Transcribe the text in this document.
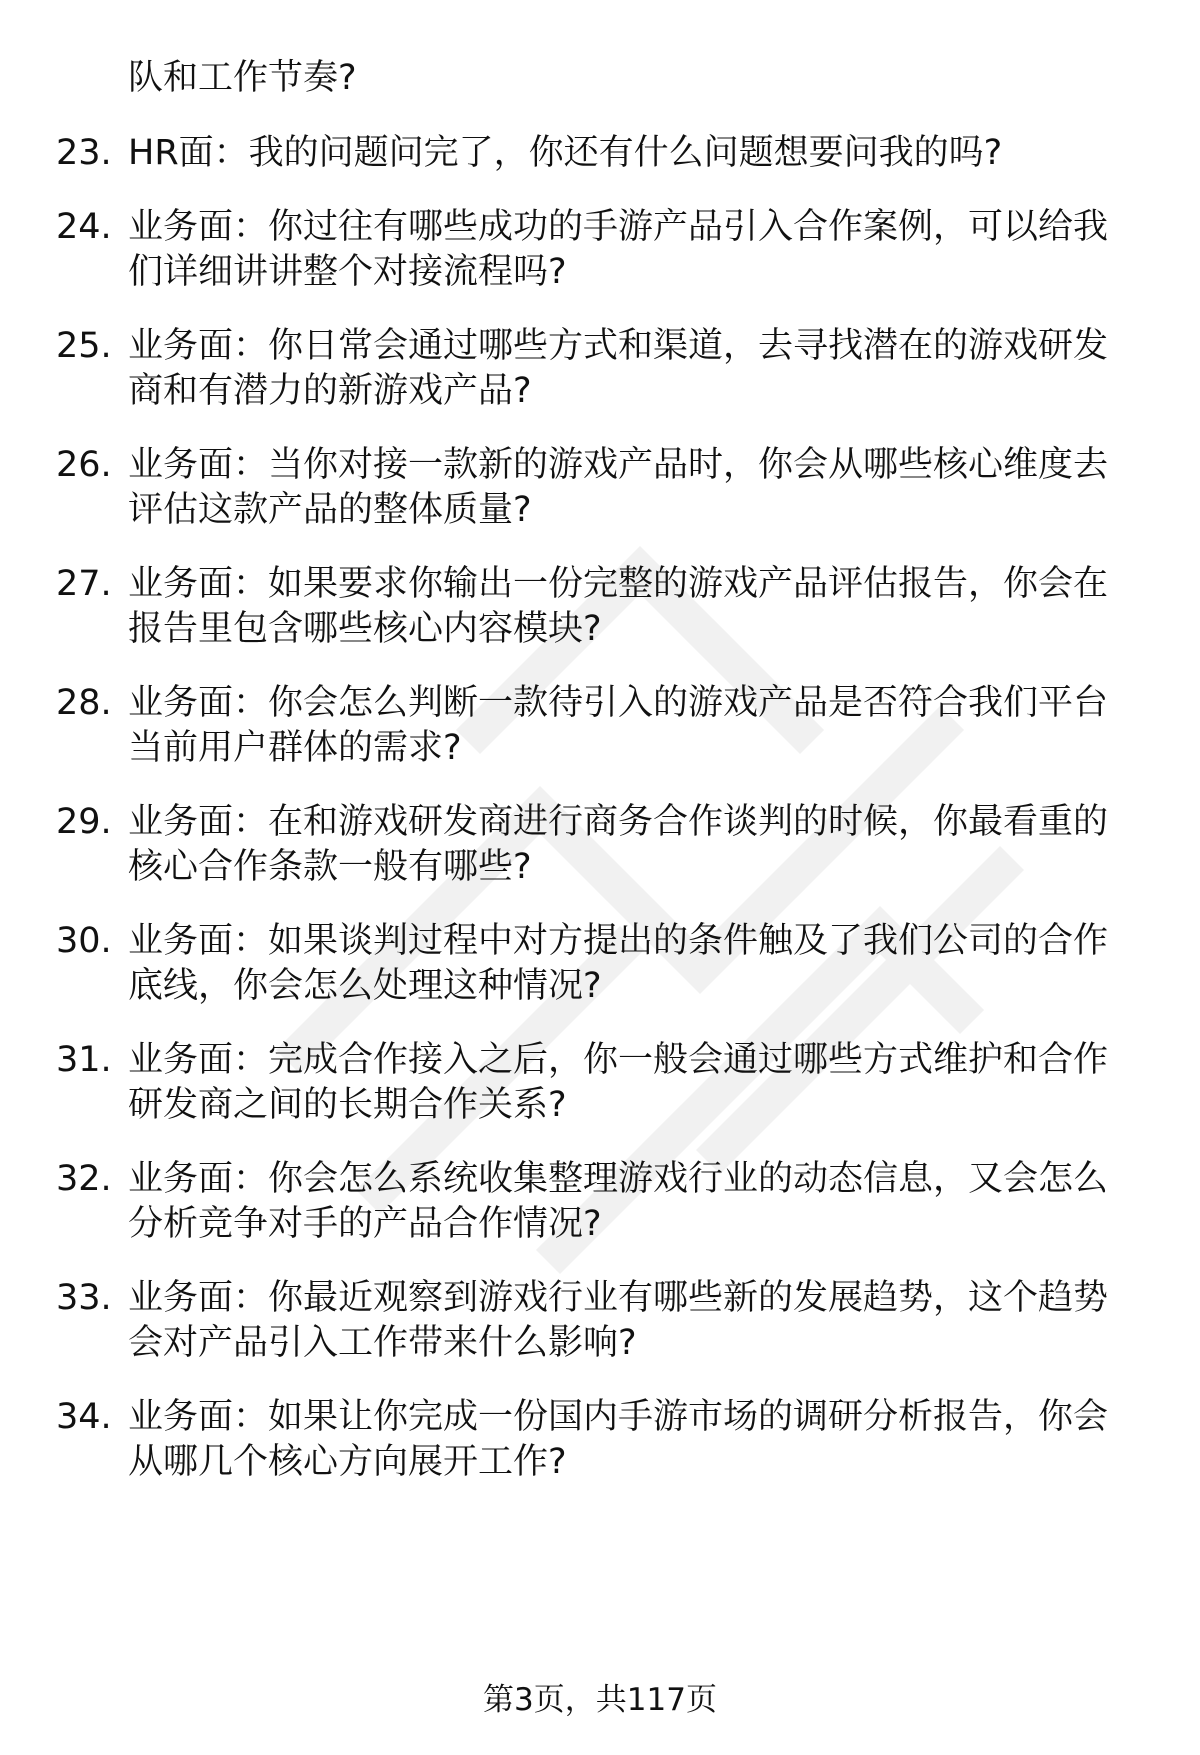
队和工作节奏?
23. HR面：我的问题问完了，你还有什么问题想要问我的吗?
24. 业务面：你过往有哪些成功的手游产品引入合作案例，可以给我
们详细讲讲整个对接流程吗?
25. 业务面：你日常会通过哪些方式和渠道，去寻找潜在的游戏研发
商和有潜力的新游戏产品?
26. 业务面：当你对接一款新的游戏产品时，你会从哪些核心维度去
评估这款产品的整体质量?
27. 业务面：如果要求你输出一份完整的游戏产品评估报告，你会在
报告里包含哪些核心内容模块?
28. 业务面：你会怎么判断一款待引入的游戏产品是否符合我们平台
当前用户群体的需求?
29. 业务面：在和游戏研发商进行商务合作谈判的时候，你最看重的
核心合作条款一般有哪些?
30. 业务面：如果谈判过程中对方提出的条件触及了我们公司的合作
底线，你会怎么处理这种情况?
31. 业务面：完成合作接入之后，你一般会通过哪些方式维护和合作
研发商之间的长期合作关系?
32. 业务面：你会怎么系统收集整理游戏行业的动态信息，又会怎么
分析竞争对手的产品合作情况?
33. 业务面：你最近观察到游戏行业有哪些新的发展趋势，这个趋势
会对产品引入工作带来什么影响?
34. 业务面：如果让你完成一份国内手游市场的调研分析报告，你会
从哪几个核心方向展开工作?
第3页，共117页
